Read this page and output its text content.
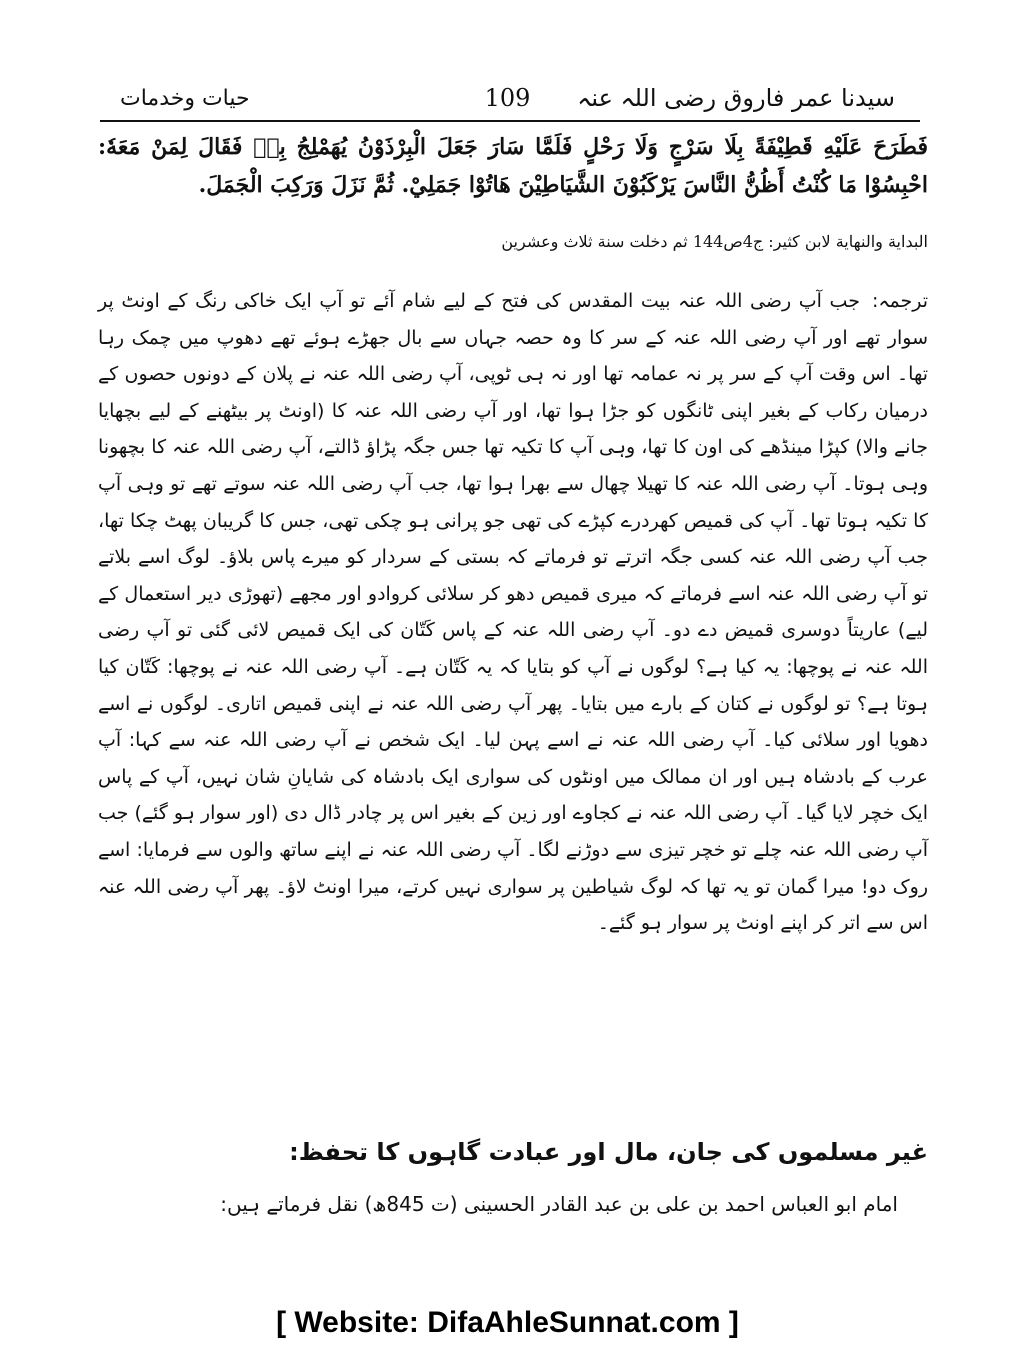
حیات وخدمات	109	سیدنا عمر فاروق رضی اللہ عنہ
فَطَرَحَ عَلَيْهِ قَطِيْفَةً بِلَا سَرْجٍ وَلَا رَحْلٍ فَلَمَّا سَارَ جَعَلَ الْبِرْذَوْنُ يُهَمْلِجُ بِهٖ فَقَالَ لِمَنْ مَعَهٗ: احْبِسُوْا مَا كُنْتُ أَظُنُّ النَّاسَ يَرْكَبُوْنَ الشَّيَاطِيْنَ هَاتُوْا جَمَلِيْ. ثُمَّ نَزَلَ وَرَكِبَ الْجَمَلَ.
البداية والنهاية لابن كثير: ج4ص144 ثم دخلت سنة ثلاث وعشرين
ترجمہ:جب آپ رضی اللہ عنہ بیت المقدس کی فتح کے لیے شام آئے تو آپ ایک خاکی رنگ کے اونٹ پر سوار تھے اور آپ رضی اللہ عنہ کے سر کا وہ حصہ جہاں سے بال جھڑے ہوئے تھے دھوپ میں چمک رہا تھا۔ اس وقت آپ کے سر پر نہ عمامہ تھا اور نہ ہی ٹوپی، آپ رضی اللہ عنہ نے پلان کے دونوں حصوں کے درمیان رکاب کے بغیر اپنی ٹانگوں کو جڑا ہوا تھا، اور آپ رضی اللہ عنہ کا (اونٹ پر بیٹھنے کے لیے بچھایا جانے والا) کپڑا مینڈھے کی اون کا تھا، وہی آپ کا تکیہ تھا جس جگہ پڑاؤ ڈالتے، آپ رضی اللہ عنہ کا بچھونا وہی ہوتا۔ آپ رضی اللہ عنہ کا تھیلا چھال سے بھرا ہوا تھا، جب آپ رضی اللہ عنہ سوتے تھے تو وہی آپ کا تکیہ ہوتا تھا۔ آپ کی قمیص کھردرے کپڑے کی تھی جو پرانی ہو چکی تھی، جس کا گریبان پھٹ چکا تھا، جب آپ رضی اللہ عنہ کسی جگہ اترتے تو فرماتے کہ بستی کے سردار کو میرے پاس بلاؤ۔ لوگ اسے بلاتے تو آپ رضی اللہ عنہ اسے فرماتے کہ میری قمیص دھو کر سلائی کروادو اور مجھے (تھوڑی دیر استعمال کے لیے) عاریتاً دوسری قمیض دے دو۔ آپ رضی اللہ عنہ کے پاس کَتّان کی ایک قمیص لائی گئی تو آپ رضی اللہ عنہ نے پوچھا: یہ کیا ہے؟ لوگوں نے آپ کو بتایا کہ یہ کَتّان ہے۔ آپ رضی اللہ عنہ نے پوچھا: کَتّان کیا ہوتا ہے؟ تو لوگوں نے کتان کے بارے میں بتایا۔ پھر آپ رضی اللہ عنہ نے اپنی قمیص اتاری۔ لوگوں نے اسے دھویا اور سلائی کیا۔ آپ رضی اللہ عنہ نے اسے پہن لیا۔ ایک شخص نے آپ رضی اللہ عنہ سے کہا: آپ عرب کے بادشاہ ہیں اور ان ممالک میں اونٹوں کی سواری ایک بادشاہ کی شایانِ شان نہیں، آپ کے پاس ایک خچر لایا گیا۔ آپ رضی اللہ عنہ نے کجاوے اور زین کے بغیر اس پر چادر ڈال دی (اور سوار ہو گئے) جب آپ رضی اللہ عنہ چلے تو خچر تیزی سے دوڑنے لگا۔ آپ رضی اللہ عنہ نے اپنے ساتھ والوں سے فرمایا: اسے روک دو! میرا گمان تو یہ تھا کہ لوگ شیاطین پر سواری نہیں کرتے، میرا اونٹ لاؤ۔ پھر آپ رضی اللہ عنہ اس سے اتر کر اپنے اونٹ پر سوار ہو گئے۔
غیر مسلموں کی جان، مال اور عبادت گاہوں کا تحفظ:
امام ابو العباس احمد بن علی بن عبد القادر الحسینی (ت 845ھ) نقل فرماتے ہیں:
[ Website: DifaAhleSunnat.com ]
